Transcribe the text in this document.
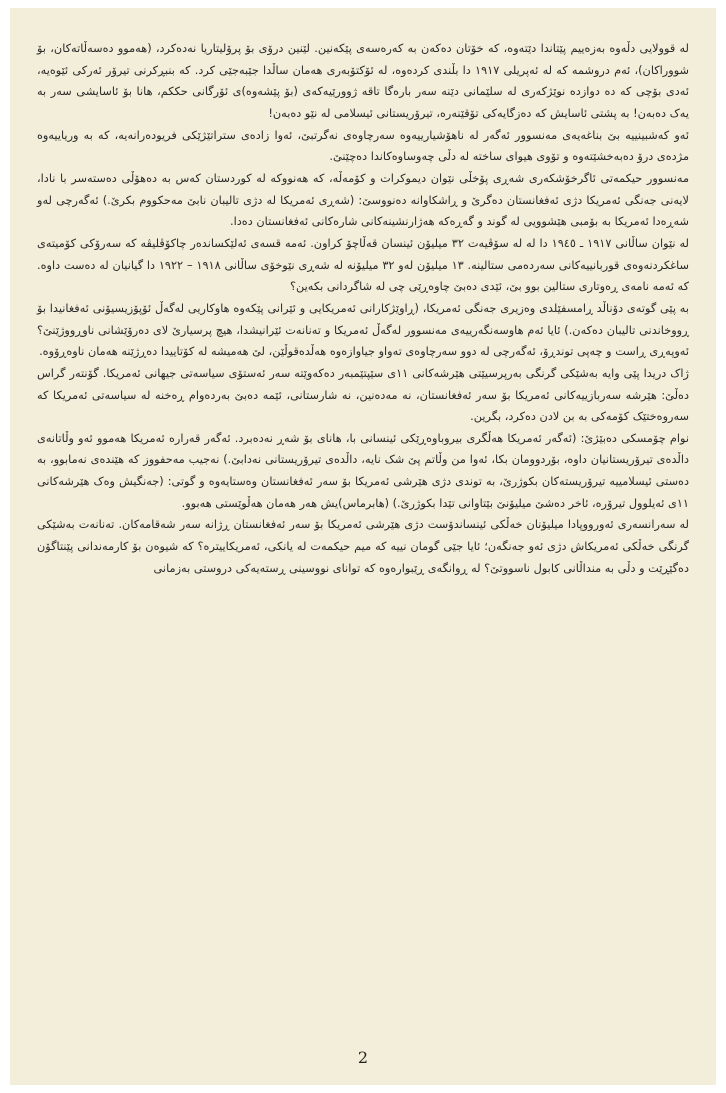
له قوولایی دڵەوە بەزەییم پێتاندا دێتەوە، کە خۆتان دەکەن بە کەرەسەی پێکەنین. لێنین درۆی بۆ پرۆلیتاریا نەدەکرد، (هەموو دەسەڵاتەکان، بۆ شووراکان)، ئەم دروشمە کە لە ئەپریلی ١٩١٧ دا بڵندی کردەوە، لە ئۆکتۆبەری هەمان ساڵدا جێبەجێی کرد. کە بنبڕکرنی تیرۆر ئەرکی ئێوەیە، ئەدی بۆچی کە دە دوازدە نوێژکەری لە سلێمانی دێنە سەر بارەگا تاقە ژوورێیەکەی (بۆ پێشەوە)ی ئۆرگانی حککم، هانا بۆ ئاسایشی سەر بە یەک دەبەن! بە پشتی ئاسایش کە دەزگایەکی تۆقێنەرە، تیرۆریستانی ئیسلامی لە نێو دەبەن!

ئەو کەشبینییە بێ بناغەیەی مەنسوور ئەگەر لە ناهۆشیارییەوە سەرچاوەی نەگرتبێ، ئەوا زادەی ستراتێژێکی فریودەرانەیە، کە بە وریاییەوە مژدەی درۆ دەبەخشێتەوە و تۆوی هیوای ساختە لە دڵی چەوساوەکاندا دەچێنێ.

مەنسوور حیکمەتی ئاگرخۆشکەری شەڕی پۆخڵی نێوان دیموکرات و کۆمەڵە، کە هەنووکە لە کوردستان کەس بە دەهۆڵی دەستەسر با نادا، لایەنی جەنگی ئەمریکا دژی ئەفغانستان دەگرێ و ڕاشکاوانە دەنووسێ: (شەڕی ئەمریکا لە دژی تالیبان نابێ مەحکووم بکرێ.) ئەگەرچی لەو شەڕەدا ئەمریکا بە بۆمبی هێشوویی لە گوند و گەڕەکە هەژارنشینەکانی شارەکانی ئەفغانستان دەدا.

لە نێوان ساڵانی ١٩١٧ ـ ١٩٤٥ دا لە لە سۆڤیەت ٣٢ میلیۆن ئینسان قەڵاچۆ کراون. ئەمە قسەی ئەلێکساندەر چاکۆڤلیڤە کە سەرۆکی کۆمیتەی ساغکردنەوەی قوربانییەکانی سەردەمی ستالینە. ١٣ میلیۆن لەو ٣٢ میلیۆنە لە شەڕی نێوخۆی ساڵانی ١٩١٨ – ١٩٢٢ دا گیانیان لە دەست داوە. کە ئەمە نامەی ڕەوتاری ستالین بوو بێ، ئێدی دەبێ چاوەڕێی چی لە شاگردانی بکەین؟

بە پێی گوتەی دۆناڵد ڕامسفێلدی وەزیری جەنگی ئەمریکا، (ڕاوێژکارانی ئەمریکایی و ئێرانی پێکەوە هاوکاریی لەگەڵ ئۆپۆزیسیۆنی ئەفغانیدا بۆ ڕووخاندنی تالیبان دەکەن.) ئایا ئەم هاوسەنگەرییەی مەنسوور لەگەڵ ئەمریکا و تەنانەت ئێرانیشدا، هیچ پرسیارێ لای دەرۆێشانی ناوڕووژێنێ؟ ئەوپەڕی ڕاست و چەپی توندڕۆ، ئەگەرچی لە دوو سەرچاوەی تەواو جیاوازەوە هەڵدەقوڵێن، لێ هەمیشە لە کۆتاییدا دەڕژێنە هەمان ناوەڕۆوە.

ژاک دریدا پێی وایە بەشێکی گرنگی بەرپرسیێتی هێرشەکانی ١١ی سێپتێمبەر دەکەوێتە سەر ئەستۆی سیاسەتی جیهانی ئەمریکا. گۆنتەر گراس دەڵێ: هێرشە سەربازییەکانی ئەمریکا بۆ سەر ئەفغانستان، نە مەدەنین، نە شارستانی، ئێمە دەبێ بەردەوام ڕەخنە لە سیاسەتی ئەمریکا کە سەروەختێک کۆمەکی بە بن لادن دەکرد، بگرین.

نوام چۆمسکی دەبێژێ: (ئەگەر ئەمریکا هەڵگری بیروباوەڕێکی ئینسانی با، هانای بۆ شەڕ نەدەبرد. ئەگەر قەرارە ئەمریکا هەموو ئەو وڵاتانەی داڵدەی تیرۆریستانیان داوە، بۆردوومان بکا، ئەوا من وڵاتم پێ شک نایە، داڵدەی تیرۆریستانی نەدابێ.) نەجیب مەحفووز کە هێندەی نەمابوو، بە دەستی ئیسلامییە تیرۆریستەکان بکوژرێ، بە توندی دژی هێرشی ئەمریکا بۆ سەر ئەفغانستان وەستایەوە و گوتی: (جەنگیش وەک هێرشەکانی ١١ی ئەیلوول تیرۆرە، ئاخر دەشێ میلیۆنێ بێتاوانی تێدا بکوژرێ.) (هابرماس)یش هەر هەمان هەڵوێستی هەبوو.

لە سەرانسەری ئەورووپادا میلیۆنان خەڵکی ئینساندۆست دژی هێرشی ئەمریکا بۆ سەر ئەفغانستان ڕژانە سەر شەقامەکان. تەنانەت بەشێکی گرنگی خەڵکی ئەمریکاش دژی ئەو جەنگەن؛ ئایا جێی گومان نییە کە میم حیکمەت لە یانکی، ئەمریکاییترە؟ کە شیوەن بۆ کارمەندانی پێنتاگۆن دەگێڕێت و دڵی بە منداڵانی کابول ناسووتێ؟ لە ڕوانگەی ڕێبوارەوە کە توانای نووسینی ڕستەیەکی دروستی بەزمانی

2
